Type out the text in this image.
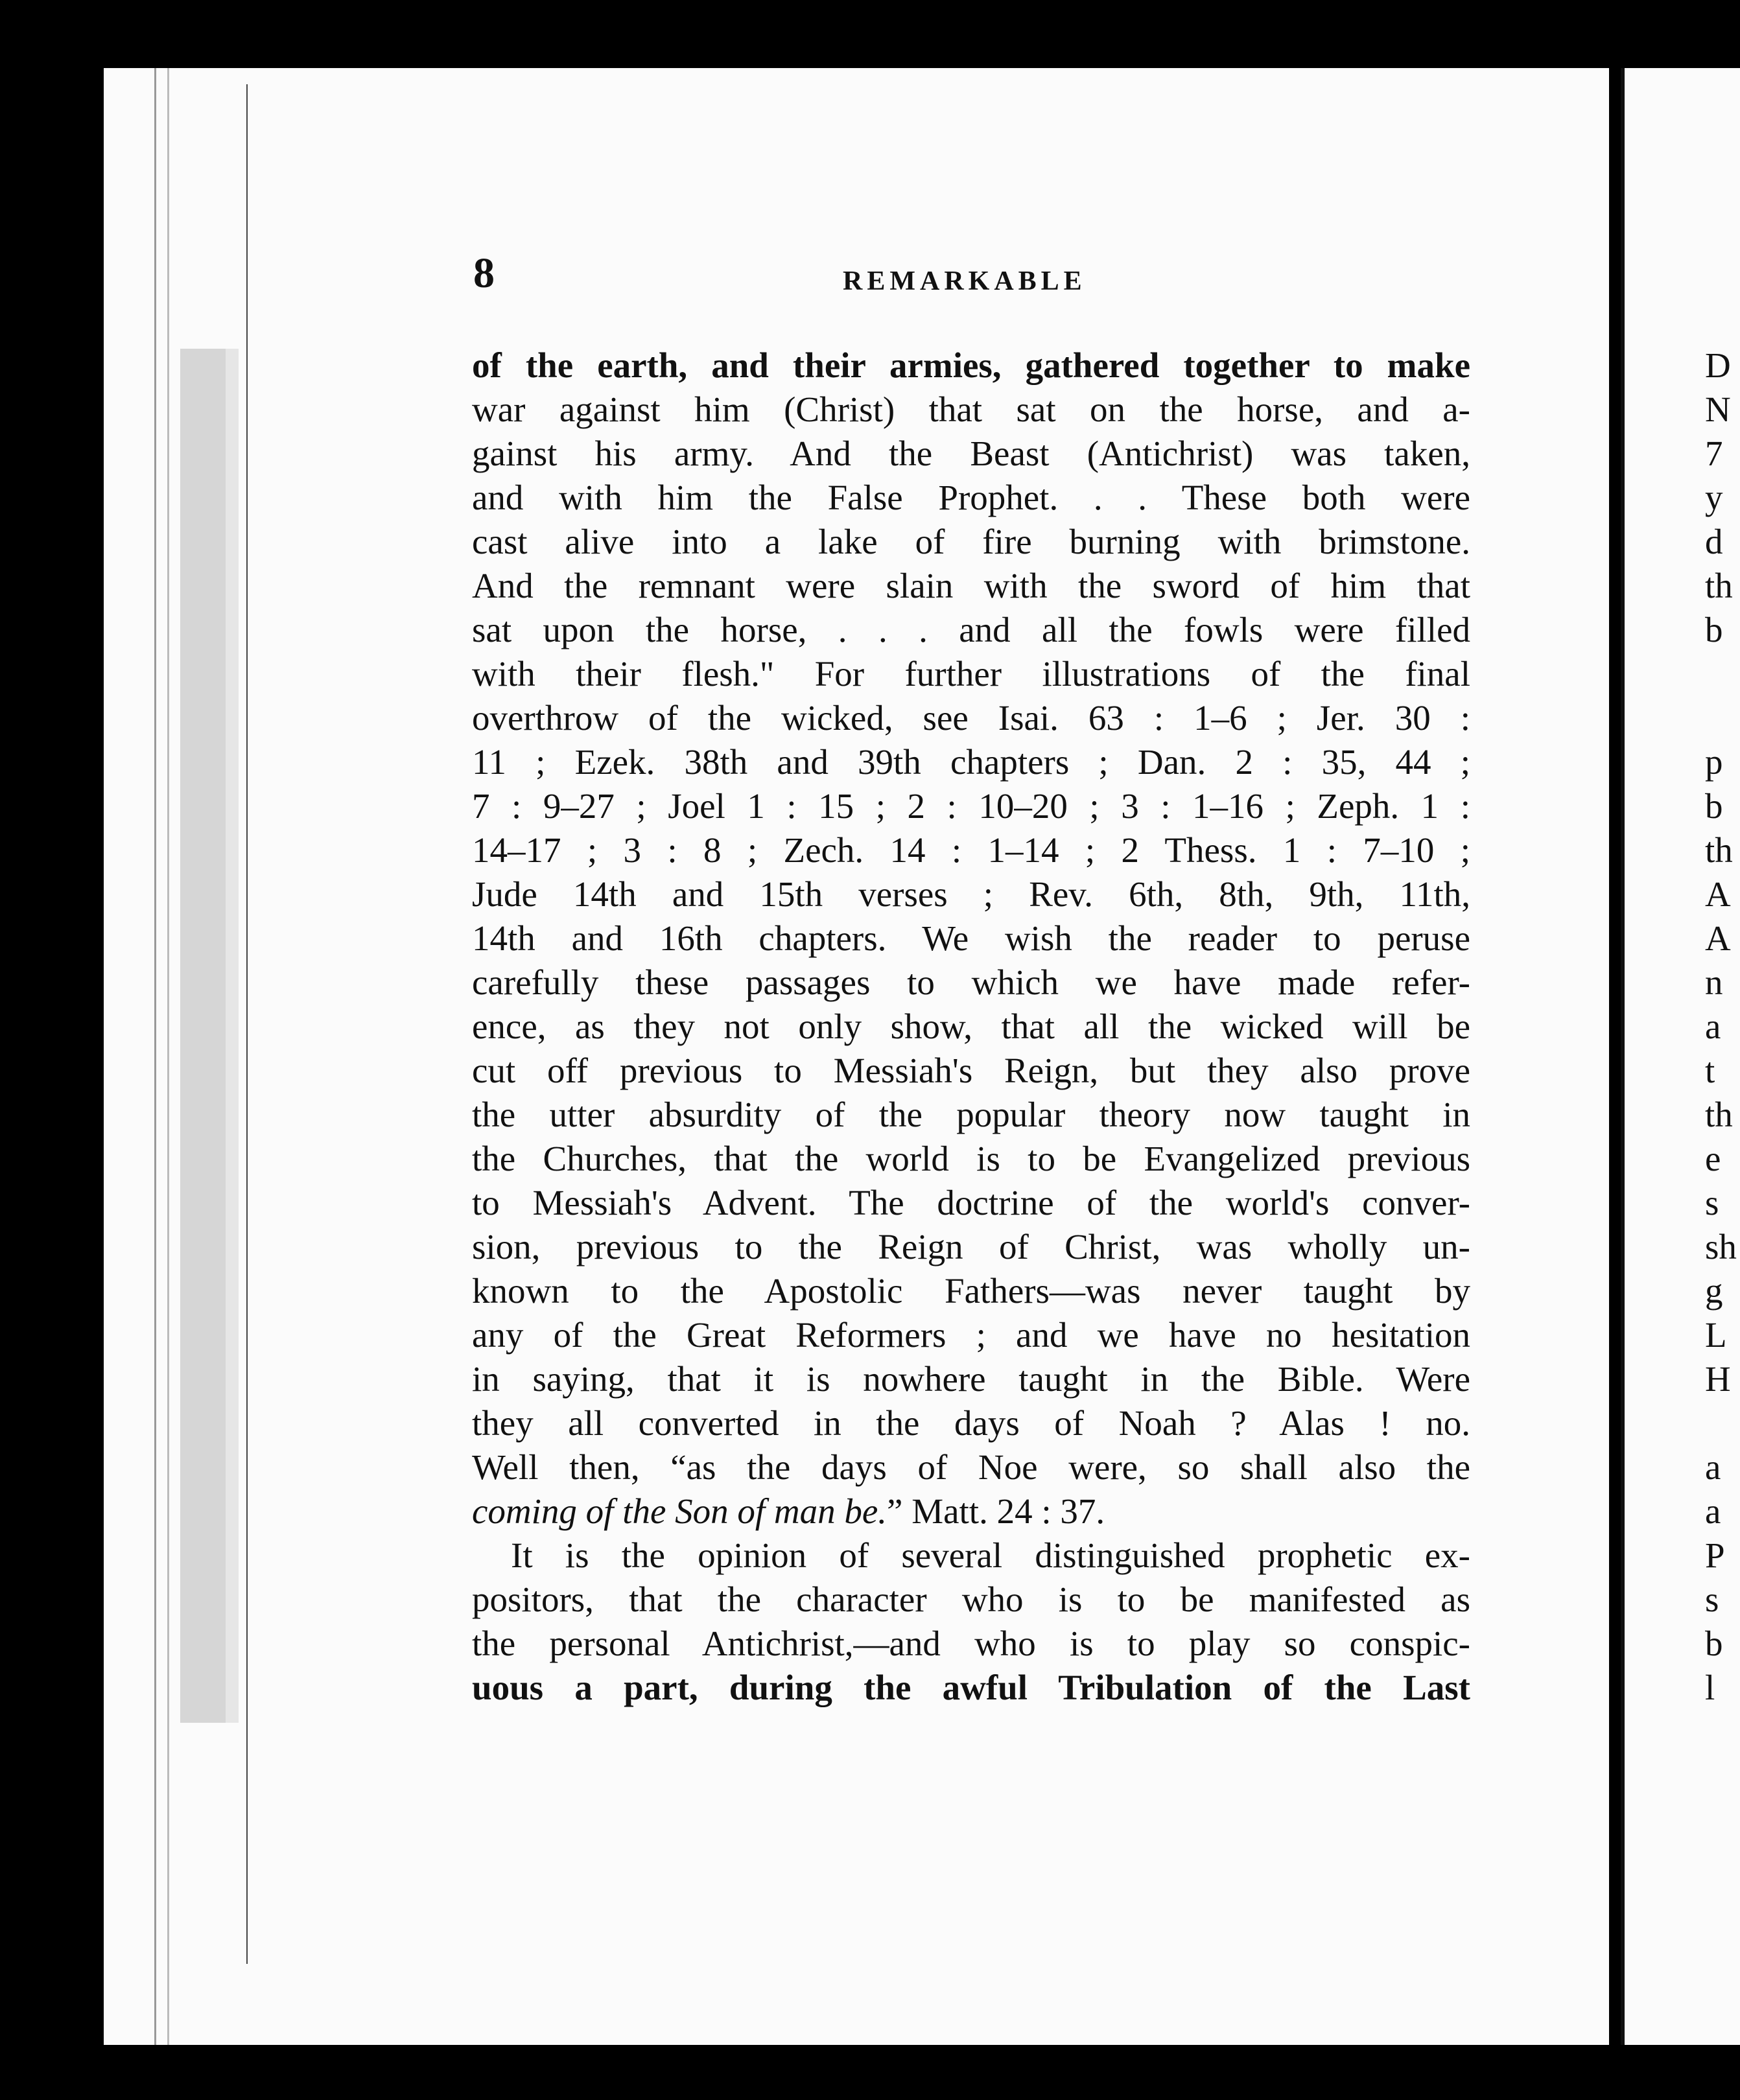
8	REMARKABLE
of the earth, and their armies, gathered together to make
war against him (Christ) that sat on the horse, and a-
gainst his army. And the Beast (Antichrist) was taken,
and with him the False Prophet. . . These both were
cast alive into a lake of fire burning with brimstone.
And the remnant were slain with the sword of him that
sat upon the horse, . . . and all the fowls were filled
with their flesh." For further illustrations of the final
overthrow of the wicked, see Isai. 63 : 1–6 ; Jer. 30 :
11 ; Ezek. 38th and 39th chapters ; Dan. 2 : 35, 44 ;
7 : 9–27 ; Joel 1 : 15 ; 2 : 10–20 ; 3 : 1–16 ; Zeph. 1 :
14–17 ; 3 : 8 ; Zech. 14 : 1–14 ; 2 Thess. 1 : 7–10 ;
Jude 14th and 15th verses ; Rev. 6th, 8th, 9th, 11th,
14th and 16th chapters. We wish the reader to peruse
carefully these passages to which we have made refer-
ence, as they not only show, that all the wicked will be
cut off previous to Messiah's Reign, but they also prove
the utter absurdity of the popular theory now taught in
the Churches, that the world is to be Evangelized previous
to Messiah's Advent. The doctrine of the world's conver-
sion, previous to the Reign of Christ, was wholly un-
known to the Apostolic Fathers—was never taught by
any of the Great Reformers ; and we have no hesitation
in saying, that it is nowhere taught in the Bible. Were
they all converted in the days of Noah ? Alas ! no.
Well then, “as the days of Noe were, so shall also the
coming of the Son of man be.” Matt. 24 : 37.
It is the opinion of several distinguished prophetic ex-
positors, that the character who is to be manifested as
the personal Antichrist,—and who is to play so conspic-
uous a part, during the awful Tribulation of the Last
D
N
7
y
d
th
b
p
b
th
A
A
n
a
t
th
e
s
sh
g
L
H
a
a
P
s
b
l
